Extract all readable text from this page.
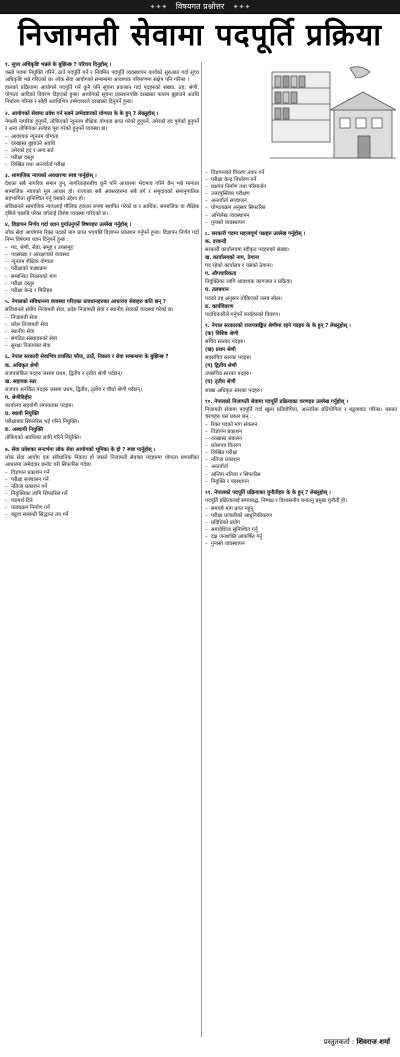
✦✦✦ विषयगत प्रश्नोत्तर ✦✦✦
निजामती सेवामा पदपूर्ति प्रक्रिया
१. सूच्य अधिकृष्टि भन्नले के बुझिन्छ ? परिचय दिनुहोस् ।
यस्तो पदमा नियुक्ति गरिने, ठाउँ पदपूर्ति गर्ने र नियमित पदपूर्ति व्यवस्थापन कार्यको सुरुआत गर्दा सूच्य अधिकृष्टि भन्ने गरिएको छ। लोक सेवा आयोगको सम्बन्धमा आवश्यक परिमाणमा संक्षेप पनि गरिन्छ ।
हालको प्रक्रियामा आयोगले पदपूर्ति गर्ने कुनै पनि सूचना प्रकाशन गर्दा पदहरुको संख्या, तह, श्रेणी, योग्यता आदिको विवरण दिइएको हुन्छ। आयोगको सूचना प्रकाशनपछि दरखास्त फाराम बुझाउने अवधि निर्धारण गरिन्छ र सोही अवधिभित्र उम्मेदवारले दरखास्त दिनुपर्ने हुन्छ।
२. आयोगको सेवामा प्रवेश गर्न सक्ने उम्मेदवारको योग्यता के के हुन् ? लेख्नुहोस् ।
नेपाली नागरिक हुनुपर्ने, तोकिएको न्यूनतम शैक्षिक योग्यता प्राप्त गरेको हुनुपर्ने, उमेरको हद पुगेको हुनुपर्ने र अन्य तोकिएका सर्तहरु पूरा गरेको हुनुपर्ने व्यवस्था छ।
– आवश्यक न्यूनतम योग्यता
– दरखास्त बुझाउने अवधि
– उमेरको हद र अन्य सर्त
– परीक्षा दस्तुर
– लिखित तथा अन्तर्वार्ता परीक्षा
३. सामाजिक न्यायको अवधारणा स्पष्ट पार्नुहोस् ।
देशका सबै नागरिक समान हुन्, नागरिकहरुबीच कुनै पनि आधारमा भेदभाव गरिने छैन भन्ने मान्यता सामाजिक न्यायको मूल आधार हो। राज्यका सबै अवसरहरुमा सबै वर्ग र समुदायको समानुपातिक सहभागिता सुनिश्चित गर्नु यसको उद्देश्य हो।
संविधानले सामाजिक न्यायलाई मौलिक हकका रुपमा स्थापित गरेको छ र आर्थिक, सामाजिक वा शैक्षिक दृष्टिले पछाडि परेका वर्गलाई विशेष व्यवस्था गरिएको छ।
४. विज्ञापन निर्णय गर्दा ध्यान पुर्याउनुपर्ने विषयहरु उल्लेख गर्नुहोस् ।
लोक सेवा आयोगमा रिक्त पदको माग प्राप्त भएपछि विज्ञापन प्रकाशन गर्नुपर्ने हुन्छ। विज्ञापन निर्णय गर्दा निम्न विषयमा ध्यान दिनुपर्ने हुन्छ :
– पद, श्रेणी, सेवा, समूह र उपसमूह
– पदसंख्या र आरक्षणको व्यवस्था
– न्यूनतम शैक्षिक योग्यता
– परीक्षाको पाठ्यक्रम
– सम्बन्धित निकायको माग
– परीक्षा दस्तुर
– परीक्षा केन्द्र र मितिहरु
५. नेपालको संविधानमा व्यवस्था गरिएका प्रावधानहरुका आधारमा सेवाहरु कति छन् ?
संविधानले संघीय निजामती सेवा, प्रदेश निजामती सेवा र स्थानीय सेवाको व्यवस्था गरेको छ।
– निजामती सेवा
– प्रदेश निजामती सेवा
– स्थानीय सेवा
– संगठित संस्थाहरुको सेवा
– सुरक्षा निकायका सेवा
६. नेपाल सरकारी सेवाभित्र प्रचलित फौज, ठाउँ, निकाय र सेवा सम्बन्धमा के बुझिन्छ ?
क. अधिकृत श्रेणी
राजपत्रांकित पदहरु जसमा प्रथम, द्वितीय र तृतीय श्रेणी पर्दछन्।
ख. सहायक स्तर
राजपत्र अनंकित पदहरु जसमा प्रथम, द्वितीय, तृतीय र चौथो श्रेणी पर्दछन्।
ग. श्रेणीविहीन
कार्यालय सहयोगी लगायतका पदहरु।
घ. स्थायी नियुक्ति
परीक्षाबाट सिफारिस भई गरिने नियुक्ति।
ङ. अस्थायी नियुक्ति
तोकिएको अवधिका लागि गरिने नियुक्ति।
७. सेवा प्रवेशका सन्दर्भमा लोक सेवा आयोगको भूमिका के हो ? स्पष्ट पार्नुहोस् ।
लोक सेवा आयोग एक संवैधानिक निकाय हो जसले निजामती सेवाका पदहरुमा योग्यता प्रणालीका आधारमा उम्मेदवार छनोट गरी सिफारिस गर्दछ।
– विज्ञापन प्रकाशन गर्ने
– परीक्षा सञ्चालन गर्ने
– नतिजा प्रकाशन गर्ने
– नियुक्तिका लागि सिफारिस गर्ने
– परामर्श दिने
– पाठ्यक्रम निर्माण गर्ने
– बढुवा सम्बन्धी सिद्धान्त तय गर्ने
– विज्ञापनको विवरण तयार गर्ने
– परीक्षा केन्द्र निर्धारण गर्ने
– प्रश्नपत्र निर्माण तथा परिमार्जन
– उत्तरपुस्तिका परीक्षण
– अन्तर्वार्ता सञ्चालन
– योग्यताक्रम अनुसार सिफारिस
– अभिलेख व्यवस्थापन
– गुनासो व्यवस्थापन
८. सरकारी पदमा महत्त्वपूर्ण पक्षहरु उल्लेख गर्नुहोस् ।
क. दरबन्दी
सरकारी कार्यालयमा स्वीकृत पदहरुको संख्या।
ख. कार्यालयको नाम, ठेगाना
पद रहेको कार्यालय र यसको ठेगाना।
ग. औपचारिकता
नियुक्तिका लागि आवश्यक कागजात र प्रक्रिया।
घ. तलबमान
पदको तह अनुसार तोकिएको तलब स्केल।
ङ. कार्यविवरण
पदाधिकारीले गर्नुपर्ने कार्यहरुको विवरण।
९. नेपाल सरकारको राजपत्राङ्कित श्रेणीमा रहने पदहरु के के हुन् ? लेख्नुहोस् ।
(क) विशिष्ट श्रेणी
सचिव स्तरका पदहरु।
(ख) प्रथम श्रेणी
सहसचिव स्तरका पदहरु।
(ग) द्वितीय श्रेणी
उपसचिव स्तरका पदहरु।
(घ) तृतीय श्रेणी
शाखा अधिकृत स्तरका पदहरु।
१०. नेपालको निजामती सेवामा पदपूर्ति प्रक्रियाका चरणहरु उल्लेख गर्नुहोस् ।
निजामती सेवामा पदपूर्ति गर्दा खुला प्रतियोगिता, आन्तरिक प्रतियोगिता र बढुवाबाट गरिन्छ। यसका चरणहरु यस प्रकार छन् :
– रिक्त पदको माग संकलन
– विज्ञापन प्रकाशन
– दरखास्त संकलन
– प्रवेशपत्र वितरण
– लिखित परीक्षा
– नतिजा प्रकाशन
– अन्तर्वार्ता
– अन्तिम नतिजा र सिफारिस
– नियुक्ति र पदस्थापन
११. नेपालको पदपूर्ति प्रक्रियाका चुनौतीहरु के के हुन् ? लेख्नुहोस् ।
पदपूर्ति प्रक्रियालाई समयबद्ध, निष्पक्ष र विश्वसनीय बनाउनु प्रमुख चुनौती हो।
– समयमै माग प्राप्त नहुनु
– परीक्षा प्रणालीको आधुनिकीकरण
– प्रविधिको प्रयोग
– समावेशिता सुनिश्चित गर्नु
– दक्ष जनशक्ति आकर्षित गर्नु
– गुनासो व्यवस्थापन
प्रस्तुतकर्ता : शिवराज शर्मा
